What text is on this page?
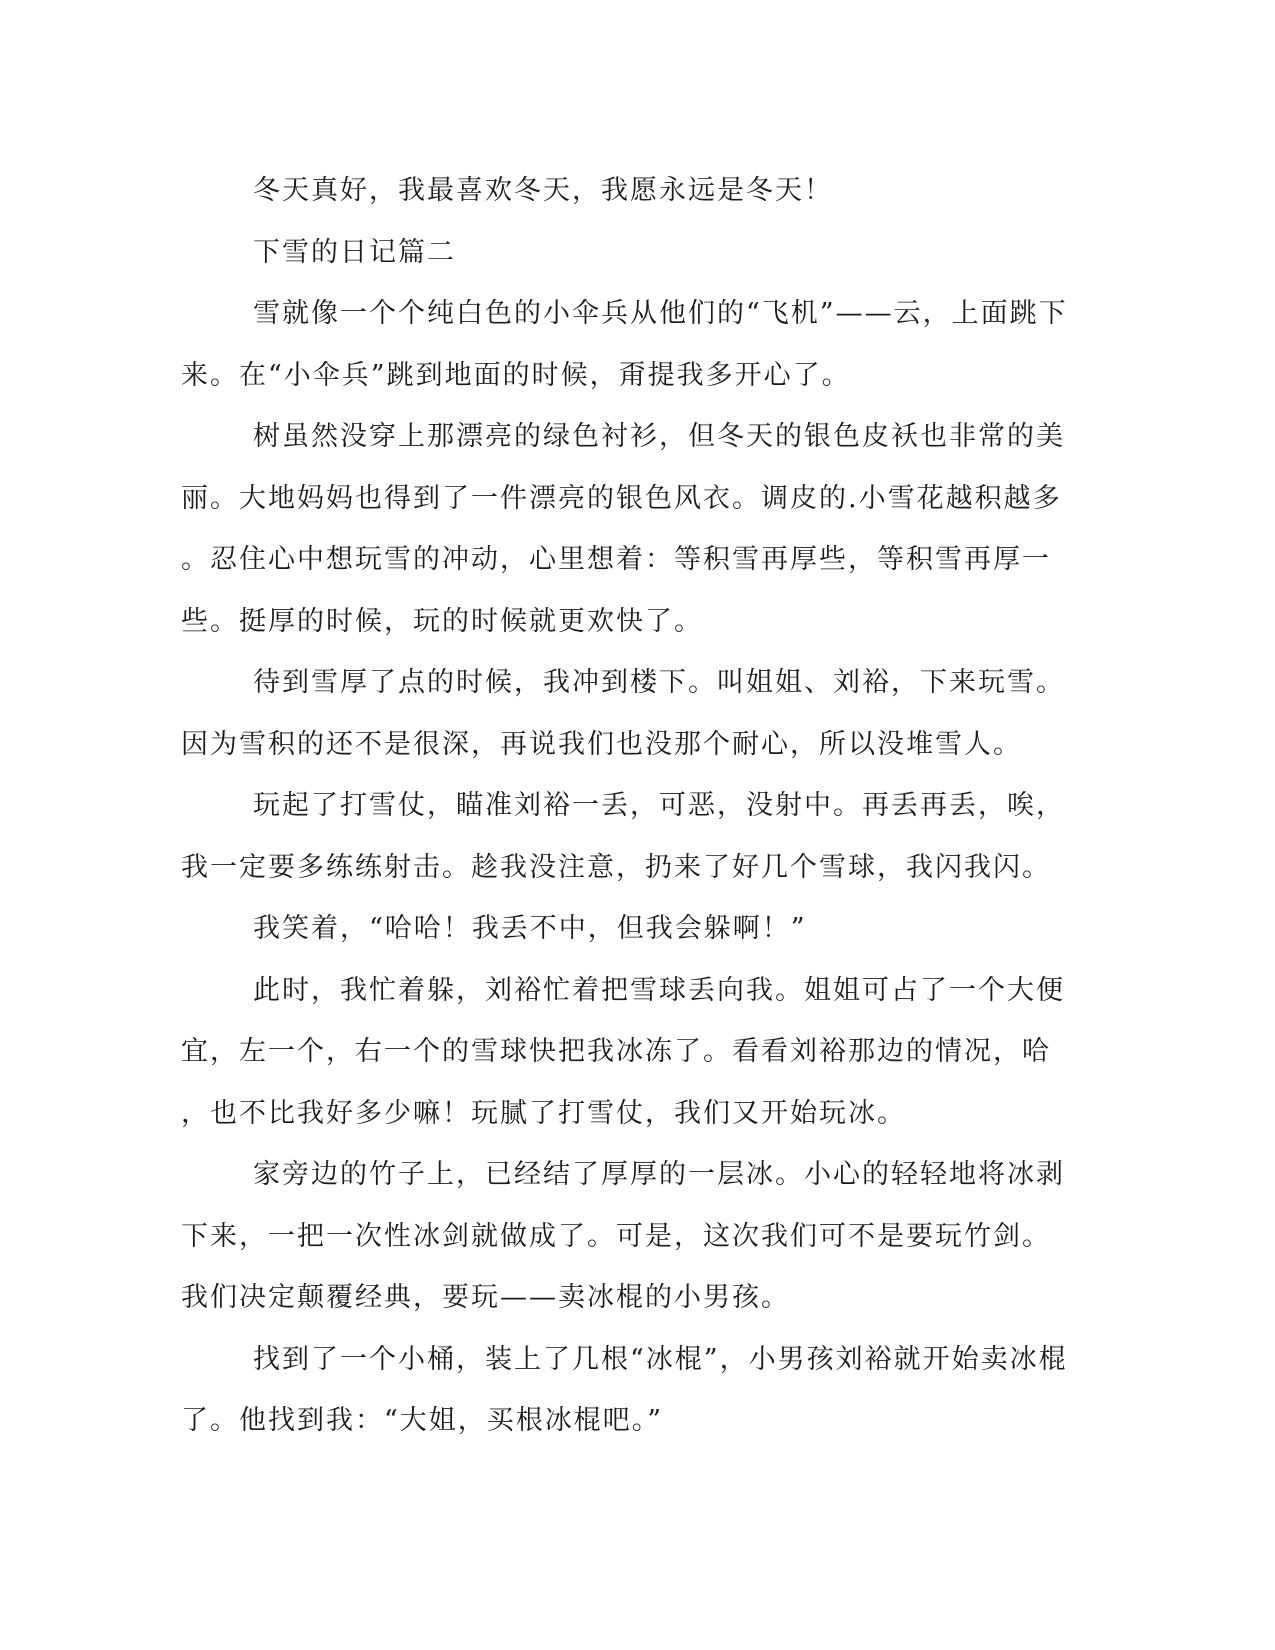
冬天真好，我最喜欢冬天，我愿永远是冬天！
下雪的日记篇二
雪就像一个个纯白色的小伞兵从他们的“飞机”——云，上面跳下
来。在“小伞兵”跳到地面的时候，甭提我多开心了。
树虽然没穿上那漂亮的绿色衬衫，但冬天的银色皮袄也非常的美
丽。大地妈妈也得到了一件漂亮的银色风衣。调皮的.小雪花越积越多
。忍住心中想玩雪的冲动，心里想着：等积雪再厚些，等积雪再厚一
些。挺厚的时候，玩的时候就更欢快了。
待到雪厚了点的时候，我冲到楼下。叫姐姐、刘裕，下来玩雪。
因为雪积的还不是很深，再说我们也没那个耐心，所以没堆雪人。
玩起了打雪仗，瞄准刘裕一丢，可恶，没射中。再丢再丢，唉，
我一定要多练练射击。趁我没注意，扔来了好几个雪球，我闪我闪。
我笑着，“哈哈！我丢不中，但我会躲啊！”
此时，我忙着躲，刘裕忙着把雪球丢向我。姐姐可占了一个大便
宜，左一个，右一个的雪球快把我冰冻了。看看刘裕那边的情况，哈
，也不比我好多少嘛！玩腻了打雪仗，我们又开始玩冰。
家旁边的竹子上，已经结了厚厚的一层冰。小心的轻轻地将冰剥
下来，一把一次性冰剑就做成了。可是，这次我们可不是要玩竹剑。
我们决定颠覆经典，要玩——卖冰棍的小男孩。
找到了一个小桶，装上了几根“冰棍”，小男孩刘裕就开始卖冰棍
了。他找到我：“大姐，买根冰棍吧。”
